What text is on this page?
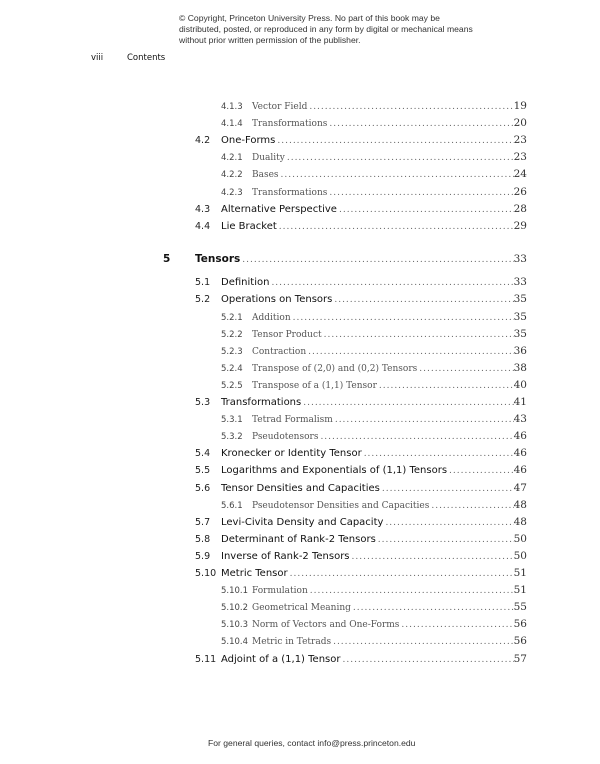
© Copyright, Princeton University Press. No part of this book may be distributed, posted, or reproduced in any form by digital or mechanical means without prior written permission of the publisher.
viii	Contents
4.1.3	Vector Field .....	19
4.1.4	Transformations .....	20
4.2	One-Forms .....	23
4.2.1	Duality .....	23
4.2.2	Bases .....	24
4.2.3	Transformations .....	26
4.3	Alternative Perspective .....	28
4.4	Lie Bracket .....	29
5	Tensors .....	33
5.1	Definition .....	33
5.2	Operations on Tensors .....	35
5.2.1	Addition .....	35
5.2.2	Tensor Product .....	35
5.2.3	Contraction .....	36
5.2.4	Transpose of (2,0) and (0,2) Tensors .....	38
5.2.5	Transpose of a (1,1) Tensor .....	40
5.3	Transformations .....	41
5.3.1	Tetrad Formalism .....	43
5.3.2	Pseudotensors .....	46
5.4	Kronecker or Identity Tensor .....	46
5.5	Logarithms and Exponentials of (1,1) Tensors .....	46
5.6	Tensor Densities and Capacities .....	47
5.6.1	Pseudotensor Densities and Capacities .....	48
5.7	Levi-Civita Density and Capacity .....	48
5.8	Determinant of Rank-2 Tensors .....	50
5.9	Inverse of Rank-2 Tensors .....	50
5.10 Metric Tensor .....	51
5.10.1 Formulation .....	51
5.10.2 Geometrical Meaning .....	55
5.10.3 Norm of Vectors and One-Forms .....	56
5.10.4 Metric in Tetrads .....	56
5.11 Adjoint of a (1,1) Tensor .....	57
For general queries, contact info@press.princeton.edu
